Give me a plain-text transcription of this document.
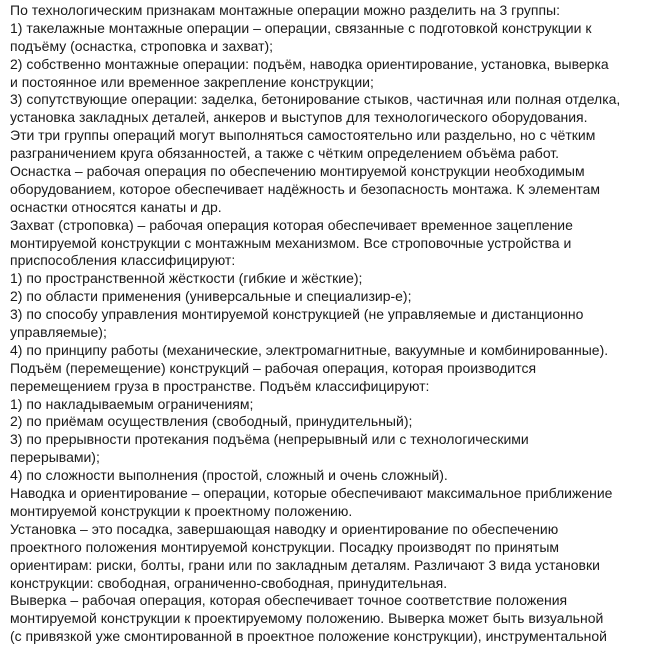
По технологическим признакам монтажные операции можно разделить на 3 группы:
1) такелажные монтажные операции – операции, связанные с подготовкой конструкции к
подъёму (оснастка, строповка и захват);
2) собственно монтажные операции: подъём, наводка ориентирование, установка, выверка
и постоянное или временное закрепление конструкции;
3) сопутствующие операции: заделка, бетонирование стыков, частичная или полная отделка,
установка закладных деталей, анкеров и выступов для технологического оборудования.
Эти три группы операций могут выполняться самостоятельно или раздельно, но с чётким
разграничением круга обязанностей, а также с чётким определением объёма работ.
Оснастка – рабочая операция по обеспечению монтируемой конструкции необходимым
оборудованием, которое обеспечивает надёжность и безопасность монтажа. К элементам
оснастки относятся канаты и др.
Захват (строповка) – рабочая операция которая обеспечивает временное зацепление
монтируемой конструкции с монтажным механизмом. Все строповочные устройства и
приспособления классифицируют:
1) по пространственной жёсткости (гибкие и жёсткие);
2) по области применения (универсальные и специализир-е);
3) по способу управления монтируемой конструкцией (не управляемые и дистанционно
управляемые);
4) по принципу работы (механические, электромагнитные, вакуумные и комбинированные).
Подъём (перемещение) конструкций – рабочая операция, которая производится
перемещением груза в пространстве. Подъём классифицируют:
1) по накладываемым ограничениям;
2) по приёмам осуществления (свободный, принудительный);
3) по прерывности протекания подъёма (непрерывный или с технологическими
перерывами);
4) по сложности выполнения (простой, сложный и очень сложный).
Наводка и ориентирование – операции, которые обеспечивают максимальное приближение
монтируемой конструкции к проектному положению.
Установка – это посадка, завершающая наводку и ориентирование по обеспечению
проектного положения монтируемой конструкции. Посадку производят по принятым
ориентирам: риски, болты, грани или по закладным деталям. Различают 3 вида установки
конструкции: свободная, ограниченно-свободная, принудительная.
Выверка – рабочая операция, которая обеспечивает точное соответствие положения
монтируемой конструкции к проектируемому положению. Выверка может быть визуальной
(с привязкой уже смонтированной в проектное положение конструкции), инструментальной
